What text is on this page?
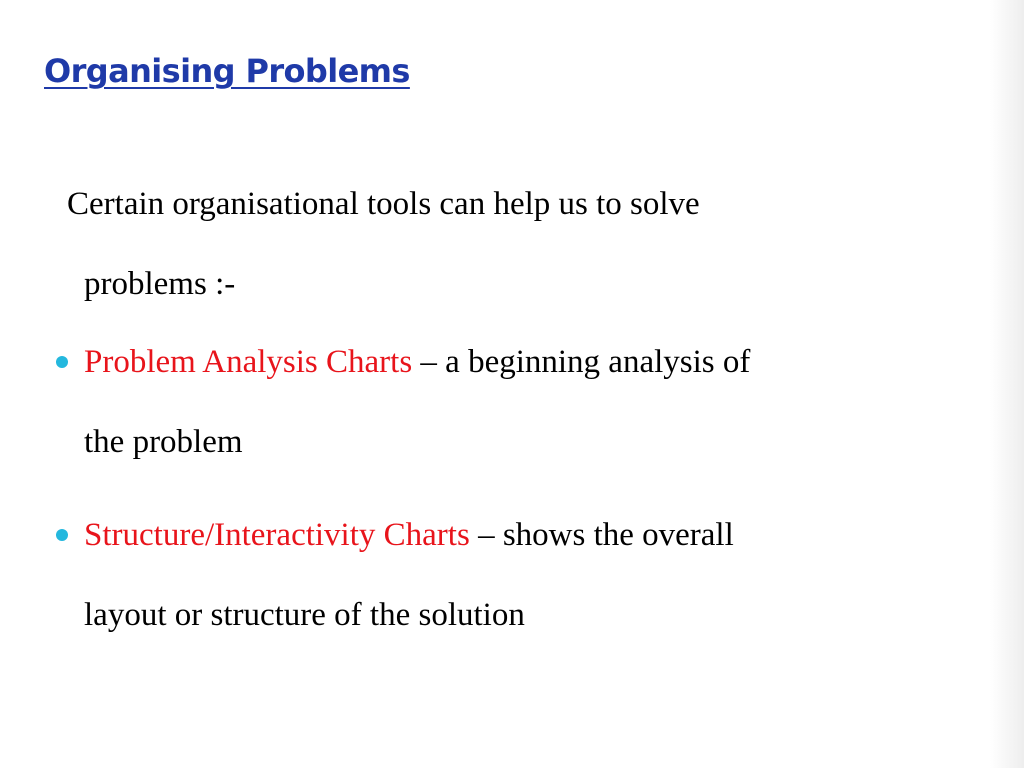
Organising Problems
Certain organisational tools can help us to solve
problems :-
Problem Analysis Charts – a beginning analysis of
the problem
Structure/Interactivity Charts – shows the overall
layout or structure of the solution
